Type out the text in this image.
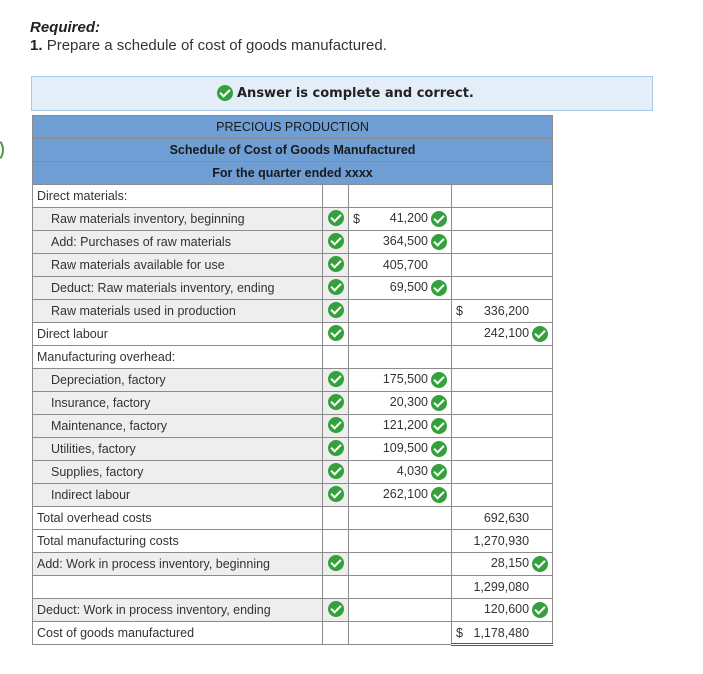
Required:
1. Prepare a schedule of cost of goods manufactured.
Answer is complete and correct.
PRECIOUS PRODUCTION			
Schedule of Cost of Goods Manufactured			
For the quarter ended xxxx			
Direct materials:			
Raw materials inventory, beginning		$ 41,200	
Add: Purchases of raw materials		364,500	
Raw materials available for use		405,700	
Deduct: Raw materials inventory, ending		69,500	
Raw materials used in production			$ 336,200
Direct labour			242,100
Manufacturing overhead:			
Depreciation, factory		175,500	
Insurance, factory		20,300	
Maintenance, factory		121,200	
Utilities, factory		109,500	
Supplies, factory		4,030	
Indirect labour		262,100	
Total overhead costs			692,630
Total manufacturing costs			1,270,930
Add: Work in process inventory, beginning			28,150
			1,299,080
Deduct: Work in process inventory, ending			120,600
Cost of goods manufactured			$ 1,178,480
